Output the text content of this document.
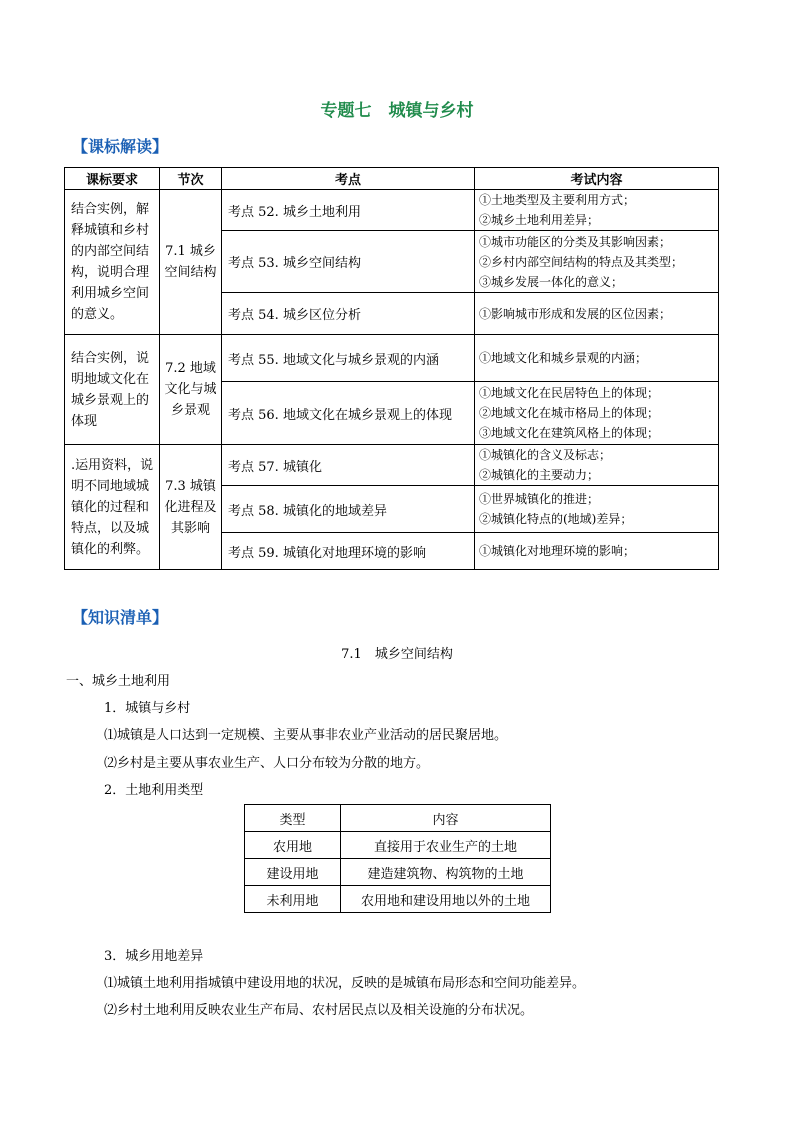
专题七　城镇与乡村
【课标解读】
课标要求	节次	考点	考试内容
结合实例，解释城镇和乡村的内部空间结构，说明合理利用城乡空间的意义。	7.1 城乡空间结构	考点 52. 城乡土地利用	①土地类型及主要利用方式；
②城乡土地利用差异；

		考点 53. 城乡空间结构	①城市功能区的分类及其影响因素；
②乡村内部空间结构的特点及其类型；
③城乡发展一体化的意义；

		考点 54. 城乡区位分析	①影响城市形成和发展的区位因素；

结合实例，说明地域文化在城乡景观上的体现	7.2 地域文化与城乡景观	考点 55. 地域文化与城乡景观的内涵	①地域文化和城乡景观的内涵；

		考点 56. 地域文化在城乡景观上的体现	①地域文化在民居特色上的体现；
②地域文化在城市格局上的体现；
③地域文化在建筑风格上的体现；

.运用资料，说明不同地域城镇化的过程和特点，以及城镇化的利弊。	7.3 城镇化进程及其影响	考点 57. 城镇化	①城镇化的含义及标志；
②城镇化的主要动力；

		考点 58. 城镇化的地域差异	①世界城镇化的推进；
②城镇化特点的(地域)差异；

		考点 59. 城镇化对地理环境的影响	①城镇化对地理环境的影响；
【知识清单】
7.1　城乡空间结构
一、城乡土地利用
1．城镇与乡村
⑴城镇是人口达到一定规模、主要从事非农业产业活动的居民聚居地。
⑵乡村是主要从事农业生产、人口分布较为分散的地方。
2．土地利用类型
类型	内容
农用地	直接用于农业生产的土地
建设用地	建造建筑物、构筑物的土地
未利用地	农用地和建设用地以外的土地
3．城乡用地差异
⑴城镇土地利用指城镇中建设用地的状况，反映的是城镇布局形态和空间功能差异。
⑵乡村土地利用反映农业生产布局、农村居民点以及相关设施的分布状况。
